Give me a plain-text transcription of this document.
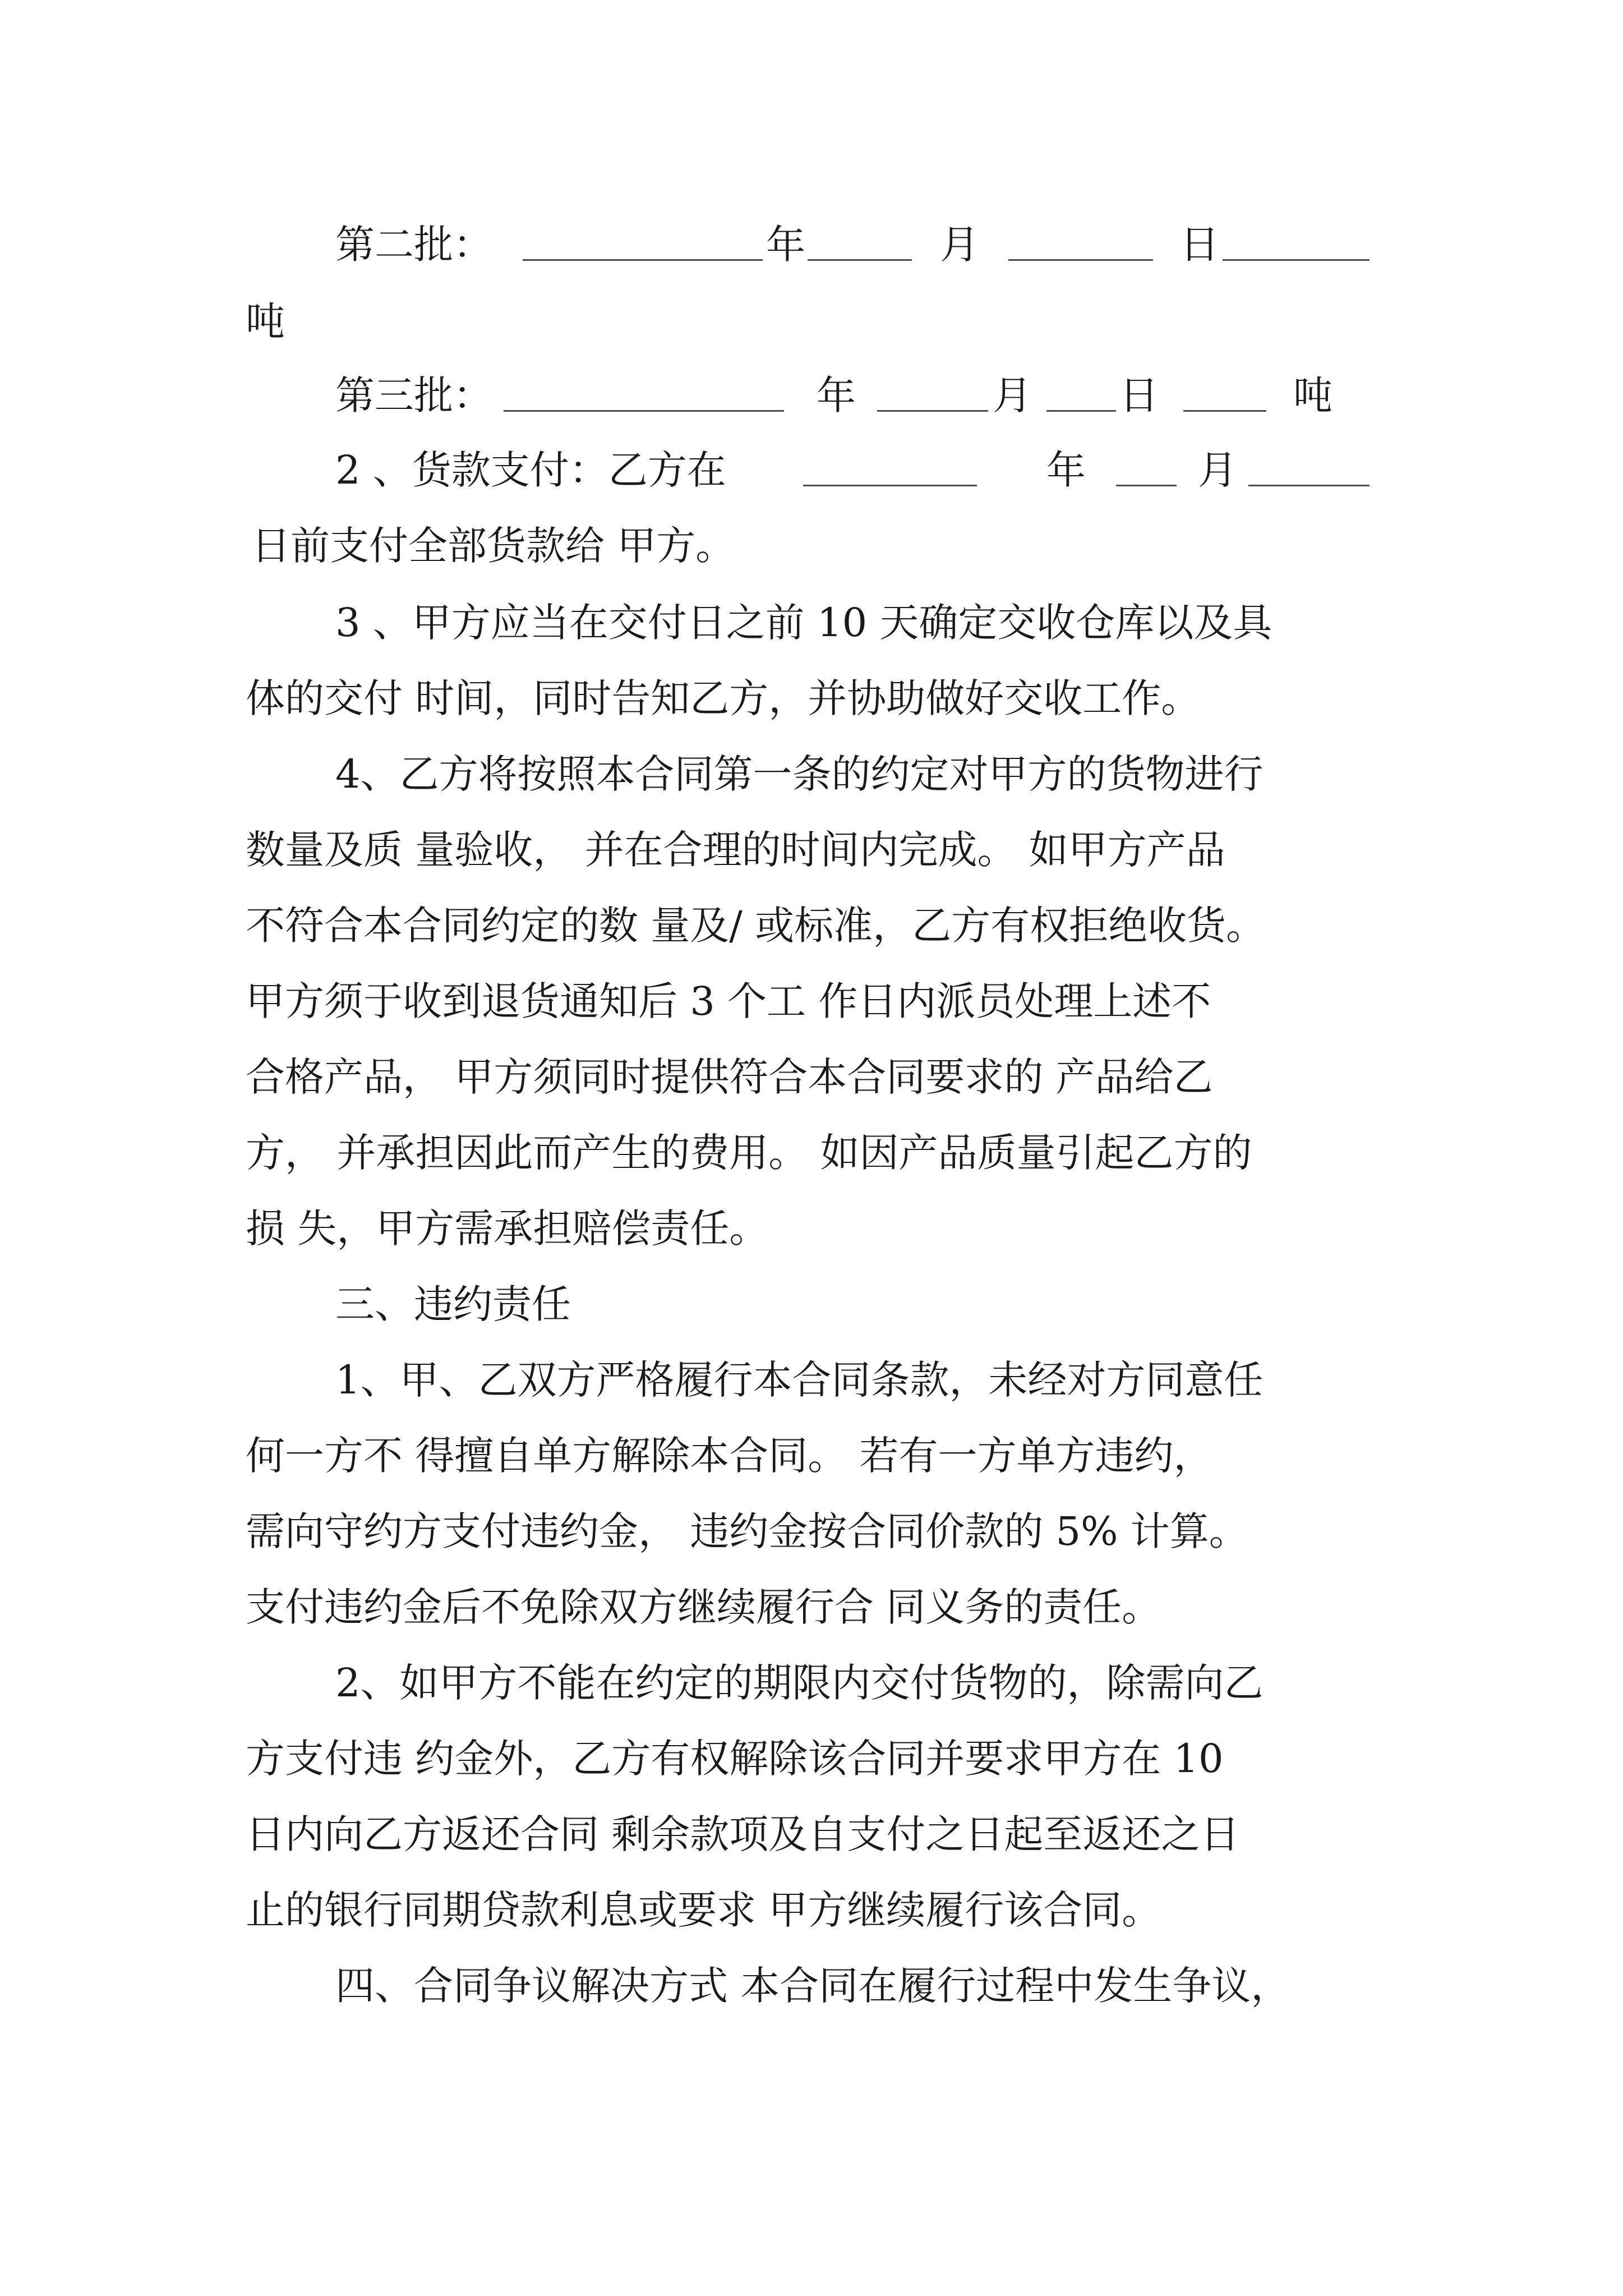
第二批：

	年

	月

	日

吨

第三批：

	年

	月

日

	吨

2 、货款支付：乙方在

	年

	月

日前支付全部货款给 甲方。

3 、甲方应当在交付日之前 10 天确定交收仓库以及具

体的交付 时间，同时告知乙方，并协助做好交收工作。

4、乙方将按照本合同第一条的约定对甲方的货物进行

数量及质 量验收， 并在合理的时间内完成。 如甲方产品

不符合本合同约定的数 量及/ 或标准，乙方有权拒绝收货。

甲方须于收到退货通知后 3 个工 作日内派员处理上述不

合格产品， 甲方须同时提供符合本合同要求的 产品给乙

方， 并承担因此而产生的费用。 如因产品质量引起乙方的

损 失，甲方需承担赔偿责任。

三、违约责任

1、甲、乙双方严格履行本合同条款，未经对方同意任

何一方不 得擅自单方解除本合同。 若有一方单方违约，

需向守约方支付违约金， 违约金按合同价款的 5% 计算。

支付违约金后不免除双方继续履行合 同义务的责任。

2、如甲方不能在约定的期限内交付货物的，除需向乙

方支付违 约金外，乙方有权解除该合同并要求甲方在 10

日内向乙方返还合同 剩余款项及自支付之日起至返还之日

止的银行同期贷款利息或要求 甲方继续履行该合同。

四、合同争议解决方式 本合同在履行过程中发生争议，
